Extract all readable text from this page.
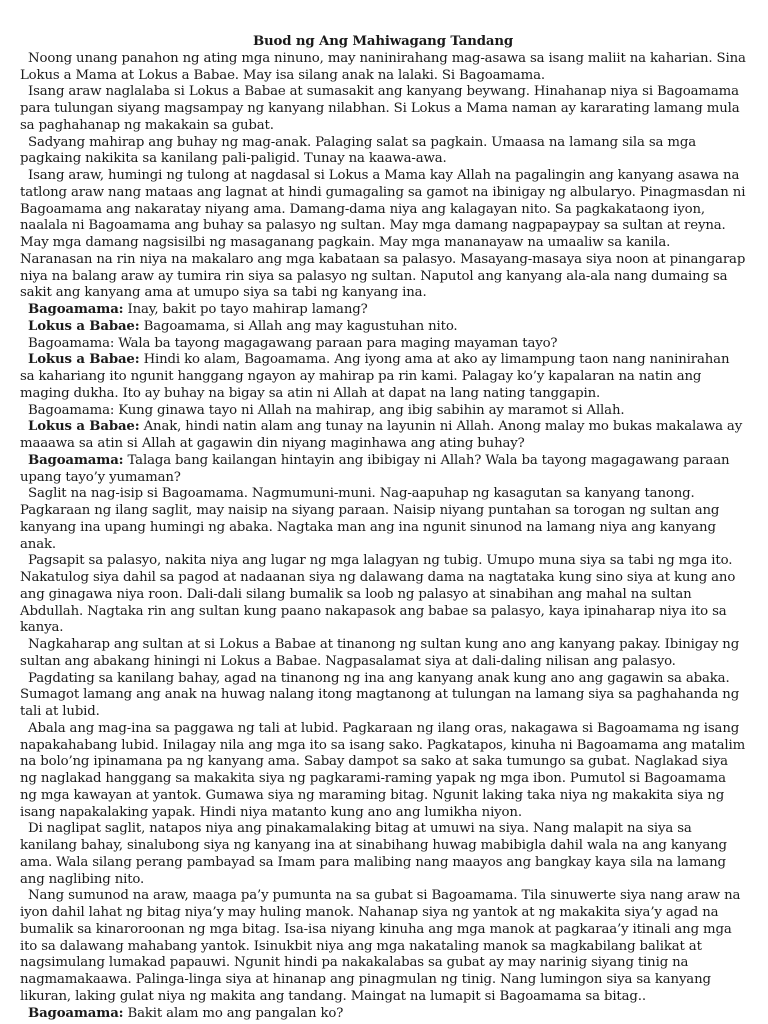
Buod ng Ang Mahiwagang Tandang

Noong unang panahon ng ating mga ninuno, may naninirahang mag-asawa sa isang maliit na kaharian. Sina Lokus a Mama at Lokus a Babae. May isa silang anak na lalaki. Si Bagoamama.

Isang araw naglalaba si Lokus a Babae at sumasakit ang kanyang beywang. Hinahanap niya si Bagoamama para tulungan siyang magsampay ng kanyang nilabhan. Si Lokus a Mama naman ay kararating lamang mula sa paghahanap ng makakain sa gubat.

Sadyang mahirap ang buhay ng mag-anak. Palaging salat sa pagkain. Umaasa na lamang sila sa mga pagkaing nakikita sa kanilang pali-paligid. Tunay na kaawa-awa.

Isang araw, humingi ng tulong at nagdasal si Lokus a Mama kay Allah na pagalingin ang kanyang asawa na tatlong araw nang mataas ang lagnat at hindi gumagaling sa gamot na ibinigay ng albularyo. Pinagmasdan ni Bagoamama ang nakaratay niyang ama. Damang-dama niya ang kalagayan nito. Sa pagkakataong iyon, naalala ni Bagoamama ang buhay sa palasyo ng sultan. May mga damang nagpapaypay sa sultan at reyna. May mga damang nagsisilbi ng masaganang pagkain. May mga mananayaw na umaaliw sa kanila. Naranasan na rin niya na makalaro ang mga kabataan sa palasyo. Masayang-masaya siya noon at pinangarap niya na balang araw ay tumira rin siya sa palasyo ng sultan. Naputol ang kanyang ala-ala nang dumaing sa sakit ang kanyang ama at umupo siya sa tabi ng kanyang ina.

Bagoamama: Inay, bakit po tayo mahirap lamang?

Lokus a Babae: Bagoamama, si Allah ang may kagustuhan nito.

Bagoamama: Wala ba tayong magagawang paraan para maging mayaman tayo?

Lokus a Babae: Hindi ko alam, Bagoamama. Ang iyong ama at ako ay limampung taon nang naninirahan sa kahariang ito ngunit hanggang ngayon ay mahirap pa rin kami. Palagay ko’y kapalaran na natin ang maging dukha. Ito ay buhay na bigay sa atin ni Allah at dapat na lang nating tanggapin.

Bagoamama: Kung ginawa tayo ni Allah na mahirap, ang ibig sabihin ay maramot si Allah.

Lokus a Babae: Anak, hindi natin alam ang tunay na layunin ni Allah. Anong malay mo bukas makalawa ay maaawa sa atin si Allah at gagawin din niyang maginhawa ang ating buhay?

Bagoamama: Talaga bang kailangan hintayin ang ibibigay ni Allah? Wala ba tayong magagawang paraan upang tayo’y yumaman?

Saglit na nag-isip si Bagoamama. Nagmumuni-muni. Nag-aapuhap ng kasagutan sa kanyang tanong. Pagkaraan ng ilang saglit, may naisip na siyang paraan. Naisip niyang puntahan sa torogan ng sultan ang kanyang ina upang humingi ng abaka. Nagtaka man ang ina ngunit sinunod na lamang niya ang kanyang anak.

Pagsapit sa palasyo, nakita niya ang lugar ng mga lalagyan ng tubig. Umupo muna siya sa tabi ng mga ito. Nakatulog siya dahil sa pagod at nadaanan siya ng dalawang dama na nagtataka kung sino siya at kung ano ang ginagawa niya roon. Dali-dali silang bumalik sa loob ng palasyo at sinabihan ang mahal na sultan Abdullah. Nagtaka rin ang sultan kung paano nakapasok ang babae sa palasyo, kaya ipinaharap niya ito sa kanya.

Nagkaharap ang sultan at si Lokus a Babae at tinanong ng sultan kung ano ang kanyang pakay. Ibinigay ng sultan ang abakang hiningi ni Lokus a Babae. Nagpasalamat siya at dali-daling nilisan ang palasyo.

Pagdating sa kanilang bahay, agad na tinanong ng ina ang kanyang anak kung ano ang gagawin sa abaka. Sumagot lamang ang anak na huwag nalang itong magtanong at tulungan na lamang siya sa paghahanda ng tali at lubid.

Abala ang mag-ina sa paggawa ng tali at lubid. Pagkaraan ng ilang oras, nakagawa si Bagoamama ng isang napakahabang lubid. Inilagay nila ang mga ito sa isang sako. Pagkatapos, kinuha ni Bagoamama ang matalim na bolo’ng ipinamana pa ng kanyang ama. Sabay dampot sa sako at saka tumungo sa gubat. Naglakad siya ng naglakad hanggang sa makakita siya ng pagkarami-raming yapak ng mga ibon. Pumutol si Bagoamama ng mga kawayan at yantok. Gumawa siya ng maraming bitag. Ngunit laking taka niya ng makakita siya ng isang napakalaking yapak. Hindi niya matanto kung ano ang lumikha niyon.

Di naglipat saglit, natapos niya ang pinakamalaking bitag at umuwi na siya. Nang malapit na siya sa kanilang bahay, sinalubong siya ng kanyang ina at sinabihang huwag mabibigla dahil wala na ang kanyang ama. Wala silang perang pambayad sa Imam para malibing nang maayos ang bangkay kaya sila na lamang ang naglibing nito.

Nang sumunod na araw, maaga pa’y pumunta na sa gubat si Bagoamama. Tila sinuwerte siya nang araw na iyon dahil lahat ng bitag niya’y may huling manok. Nahanap siya ng yantok at ng makakita siya’y agad na bumalik sa kinaroroonan ng mga bitag. Isa-isa niyang kinuha ang mga manok at pagkaraa’y itinali ang mga ito sa dalawang mahabang yantok. Isinukbit niya ang mga nakataling manok sa magkabilang balikat at nagsimulang lumakad papauwi. Ngunit hindi pa nakakalabas sa gubat ay may narinig siyang tinig na nagmamakaawa. Palinga-linga siya at hinanap ang pinagmulan ng tinig. Nang lumingon siya sa kanyang likuran, laking gulat niya ng makita ang tandang. Maingat na lumapit si Bagoamama sa bitag..

Bagoamama: Bakit alam mo ang pangalan ko?
